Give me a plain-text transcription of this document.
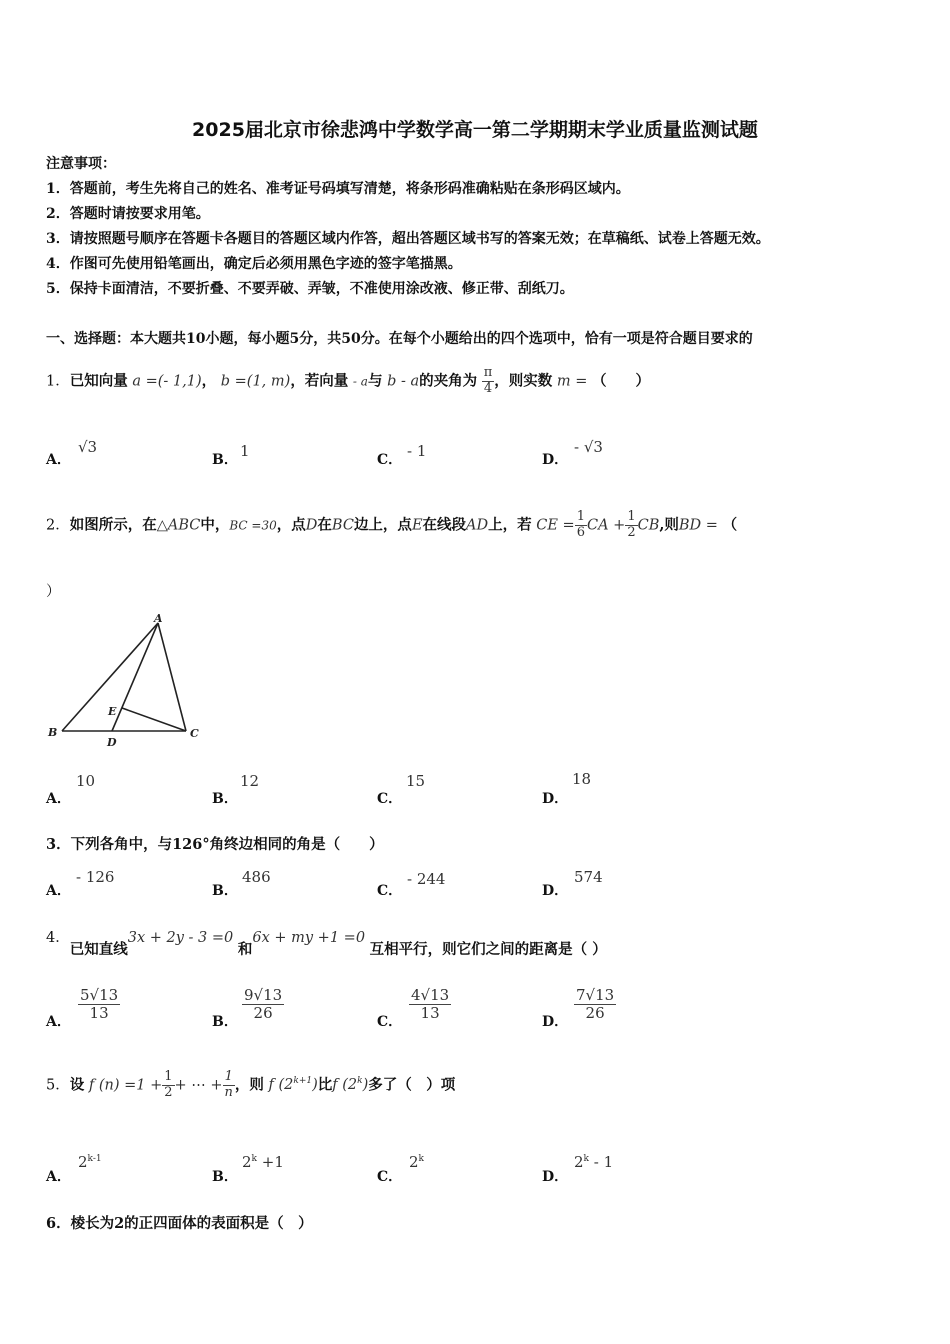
2025届北京市徐悲鸿中学数学高一第二学期期末学业质量监测试题
注意事项：
1．答题前，考生先将自己的姓名、准考证号码填写清楚，将条形码准确粘贴在条形码区域内。
2．答题时请按要求用笔。
3．请按照题号顺序在答题卡各题目的答题区域内作答，超出答题区域书写的答案无效；在草稿纸、试卷上答题无效。
4．作图可先使用铅笔画出，确定后必须用黑色字迹的签字笔描黑。
5．保持卡面清洁，不要折叠、不要弄破、弄皱，不准使用涂改液、修正带、刮纸刀。
一、选择题：本大题共10小题，每小题5分，共50分。在每个小题给出的四个选项中，恰有一项是符合题目要求的
1．已知向量 a =(- 1,1)， b =(1, m)，若向量 - a与 b - a的夹角为 $\frac{\pi}{4}$ ，则实数 m = （　　）
A．
√3
B． 1	C． - 1	D．
- √3
2．如图所示，在△ABC中，BC =30，点D在BC边上，点E在线段AD上，若 CE = $\frac{1}{6}$ CA + $\frac{1}{2}$ CB,则BD = （
）
A
B	C
D
E
A．
10
B．
12
C．
15
D．
18
3．下列各角中，与126°角终边相同的角是（　　）
A．
- 126
B．
486
C．
- 244
D．
574
4．已知直线3x + 2y - 3 =0 和6x + my +1 =0 互相平行，则它们之间的距离是（ ）
A． $\frac{5√13}{13}$	B． $\frac{9√13}{26}$	C． $\frac{4√13}{13}$	D． $\frac{7√13}{26}$
5．设 f $(n) =1 + \frac{1}{2}$ + ⋯ + $\frac{1}{n}$ ，则 f $(2^{k+1})$比f (2$^k$)多了（　）项
A．
2$^{k-1}$
B．
$2^k +1$
C．
2$^k$
D．
2$^k$ - 1
6．棱长为2的正四面体的表面积是（　）
